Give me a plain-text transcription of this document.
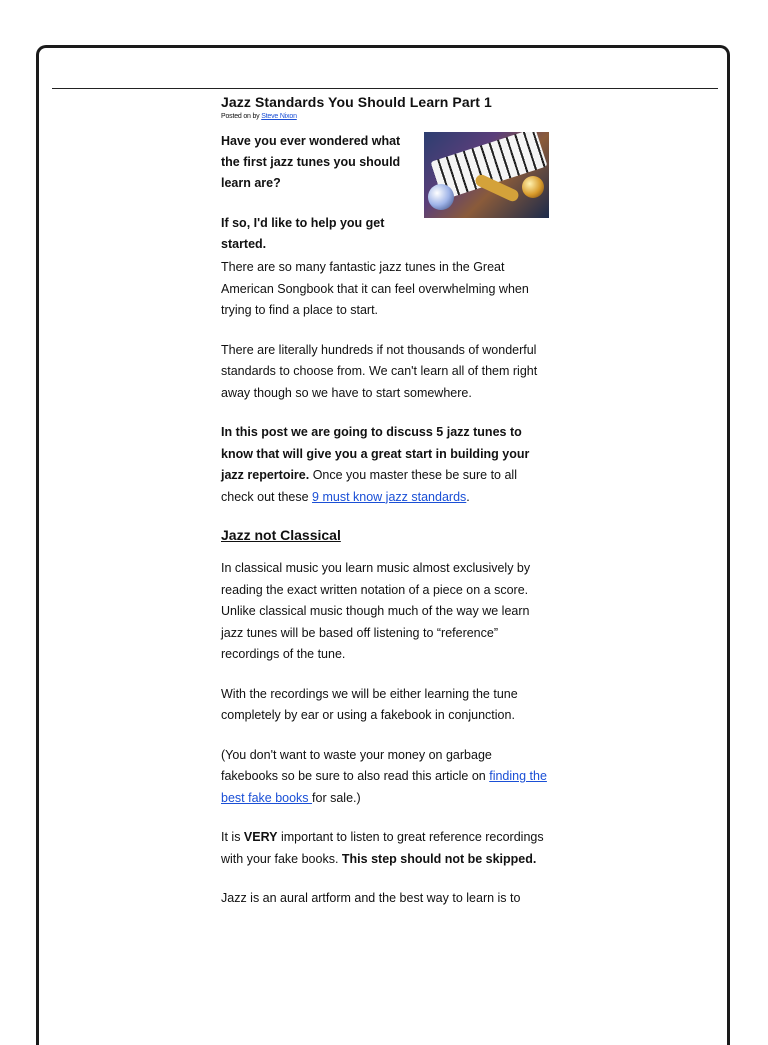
Jazz Standards You Should Learn Part 1
Posted on by Steve Nixon

Have you ever wondered what the first jazz tunes you should learn are?

If so, I'd like to help you get started.

There are so many fantastic jazz tunes in the Great American Songbook that it can feel overwhelming when trying to find a place to start.

There are literally hundreds if not thousands of wonderful standards to choose from. We can't learn all of them right away though so we have to start somewhere.

In this post we are going to discuss 5 jazz tunes to know that will give you a great start in building your jazz repertoire. Once you master these be sure to all check out these 9 must know jazz standards.

Jazz not Classical

In classical music you learn music almost exclusively by reading the exact written notation of a piece on a score. Unlike classical music though much of the way we learn jazz tunes will be based off listening to “reference” recordings of the tune.

With the recordings we will be either learning the tune completely by ear or using a fakebook in conjunction.

(You don't want to waste your money on garbage fakebooks so be sure to also read this article on finding the best fake books for sale.)

It is VERY important to listen to great reference recordings with your fake books. This step should not be skipped.

Jazz is an aural artform and the best way to learn is to
